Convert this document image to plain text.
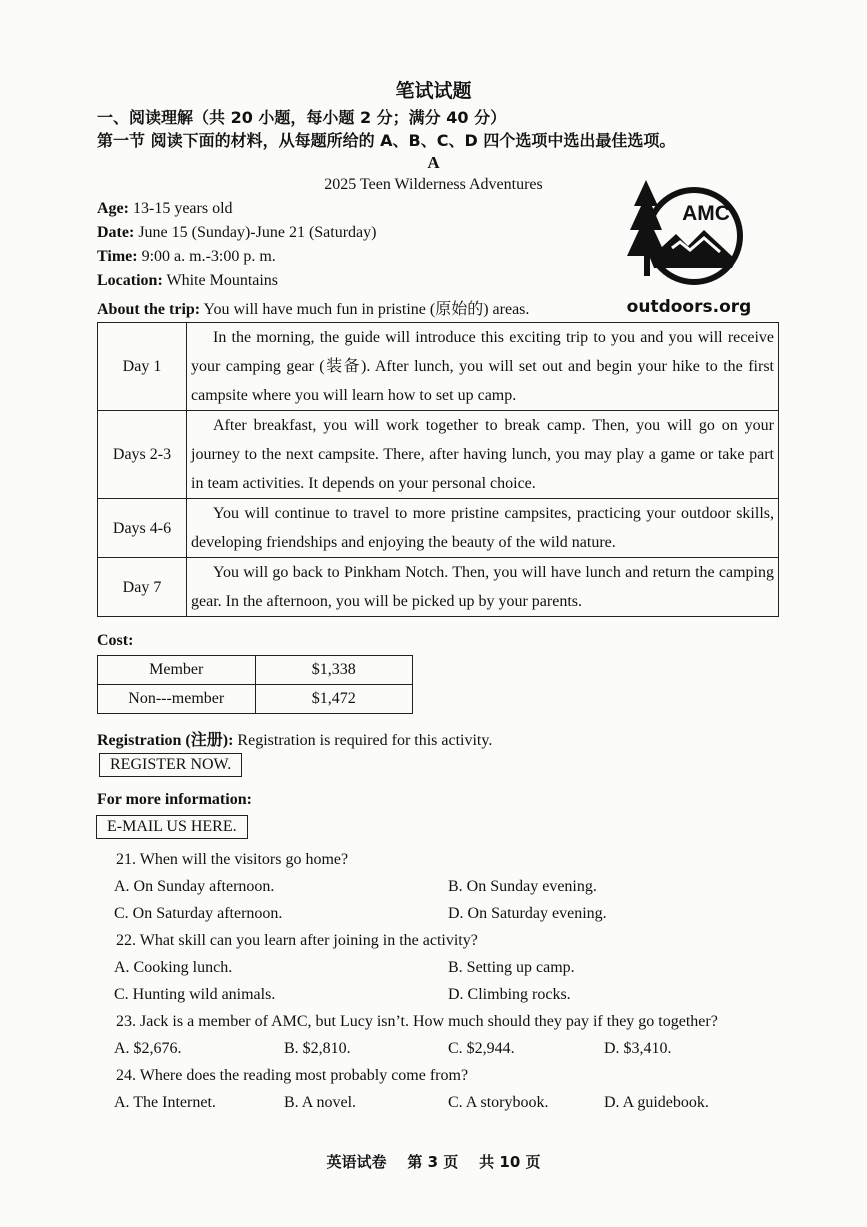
笔试试题
一、阅读理解（共 20 小题，每小题 2 分；满分 40 分）
第一节 阅读下面的材料，从每题所给的 A、B、C、D 四个选项中选出最佳选项。
A
2025 Teen Wilderness Adventures
Age: 13-15 years old
Date: June 15 (Sunday)-June 21 (Saturday)
Time: 9:00 a. m.-3:00 p. m.
Location: White Mountains
About the trip: You will have much fun in pristine (原始的) areas.
AMC
outdoors.org
Day 1	In the morning, the guide will introduce this exciting trip to you and you will receive your camping gear (装备). After lunch, you will set out and begin your hike to the first campsite where you will learn how to set up camp.
Days 2-3	After breakfast, you will work together to break camp. Then, you will go on your journey to the next campsite. There, after having lunch, you may play a game or take part in team activities. It depends on your personal choice.
Days 4-6	You will continue to travel to more pristine campsites, practicing your outdoor skills, developing friendships and enjoying the beauty of the wild nature.
Day 7	You will go back to Pinkham Notch. Then, you will have lunch and return the camping gear. In the afternoon, you will be picked up by your parents.
Cost:
Member	$1,338
Non---member	$1,472
Registration (注册): Registration is required for this activity.
REGISTER NOW.
For more information:
E-MAIL US HERE.
21. When will the visitors go home?
A. On Sunday afternoon.	B. On Sunday evening.
C. On Saturday afternoon.	D. On Saturday evening.
22. What skill can you learn after joining in the activity?
A. Cooking lunch.	B. Setting up camp.
C. Hunting wild animals.	D. Climbing rocks.
23. Jack is a member of AMC, but Lucy isn’t. How much should they pay if they go together?
A. $2,676.	B. $2,810.	C. $2,944.	D. $3,410.
24. Where does the reading most probably come from?
A. The Internet.	B. A novel.	C. A storybook.	D. A guidebook.
英语试卷    第 3 页    共 10 页
